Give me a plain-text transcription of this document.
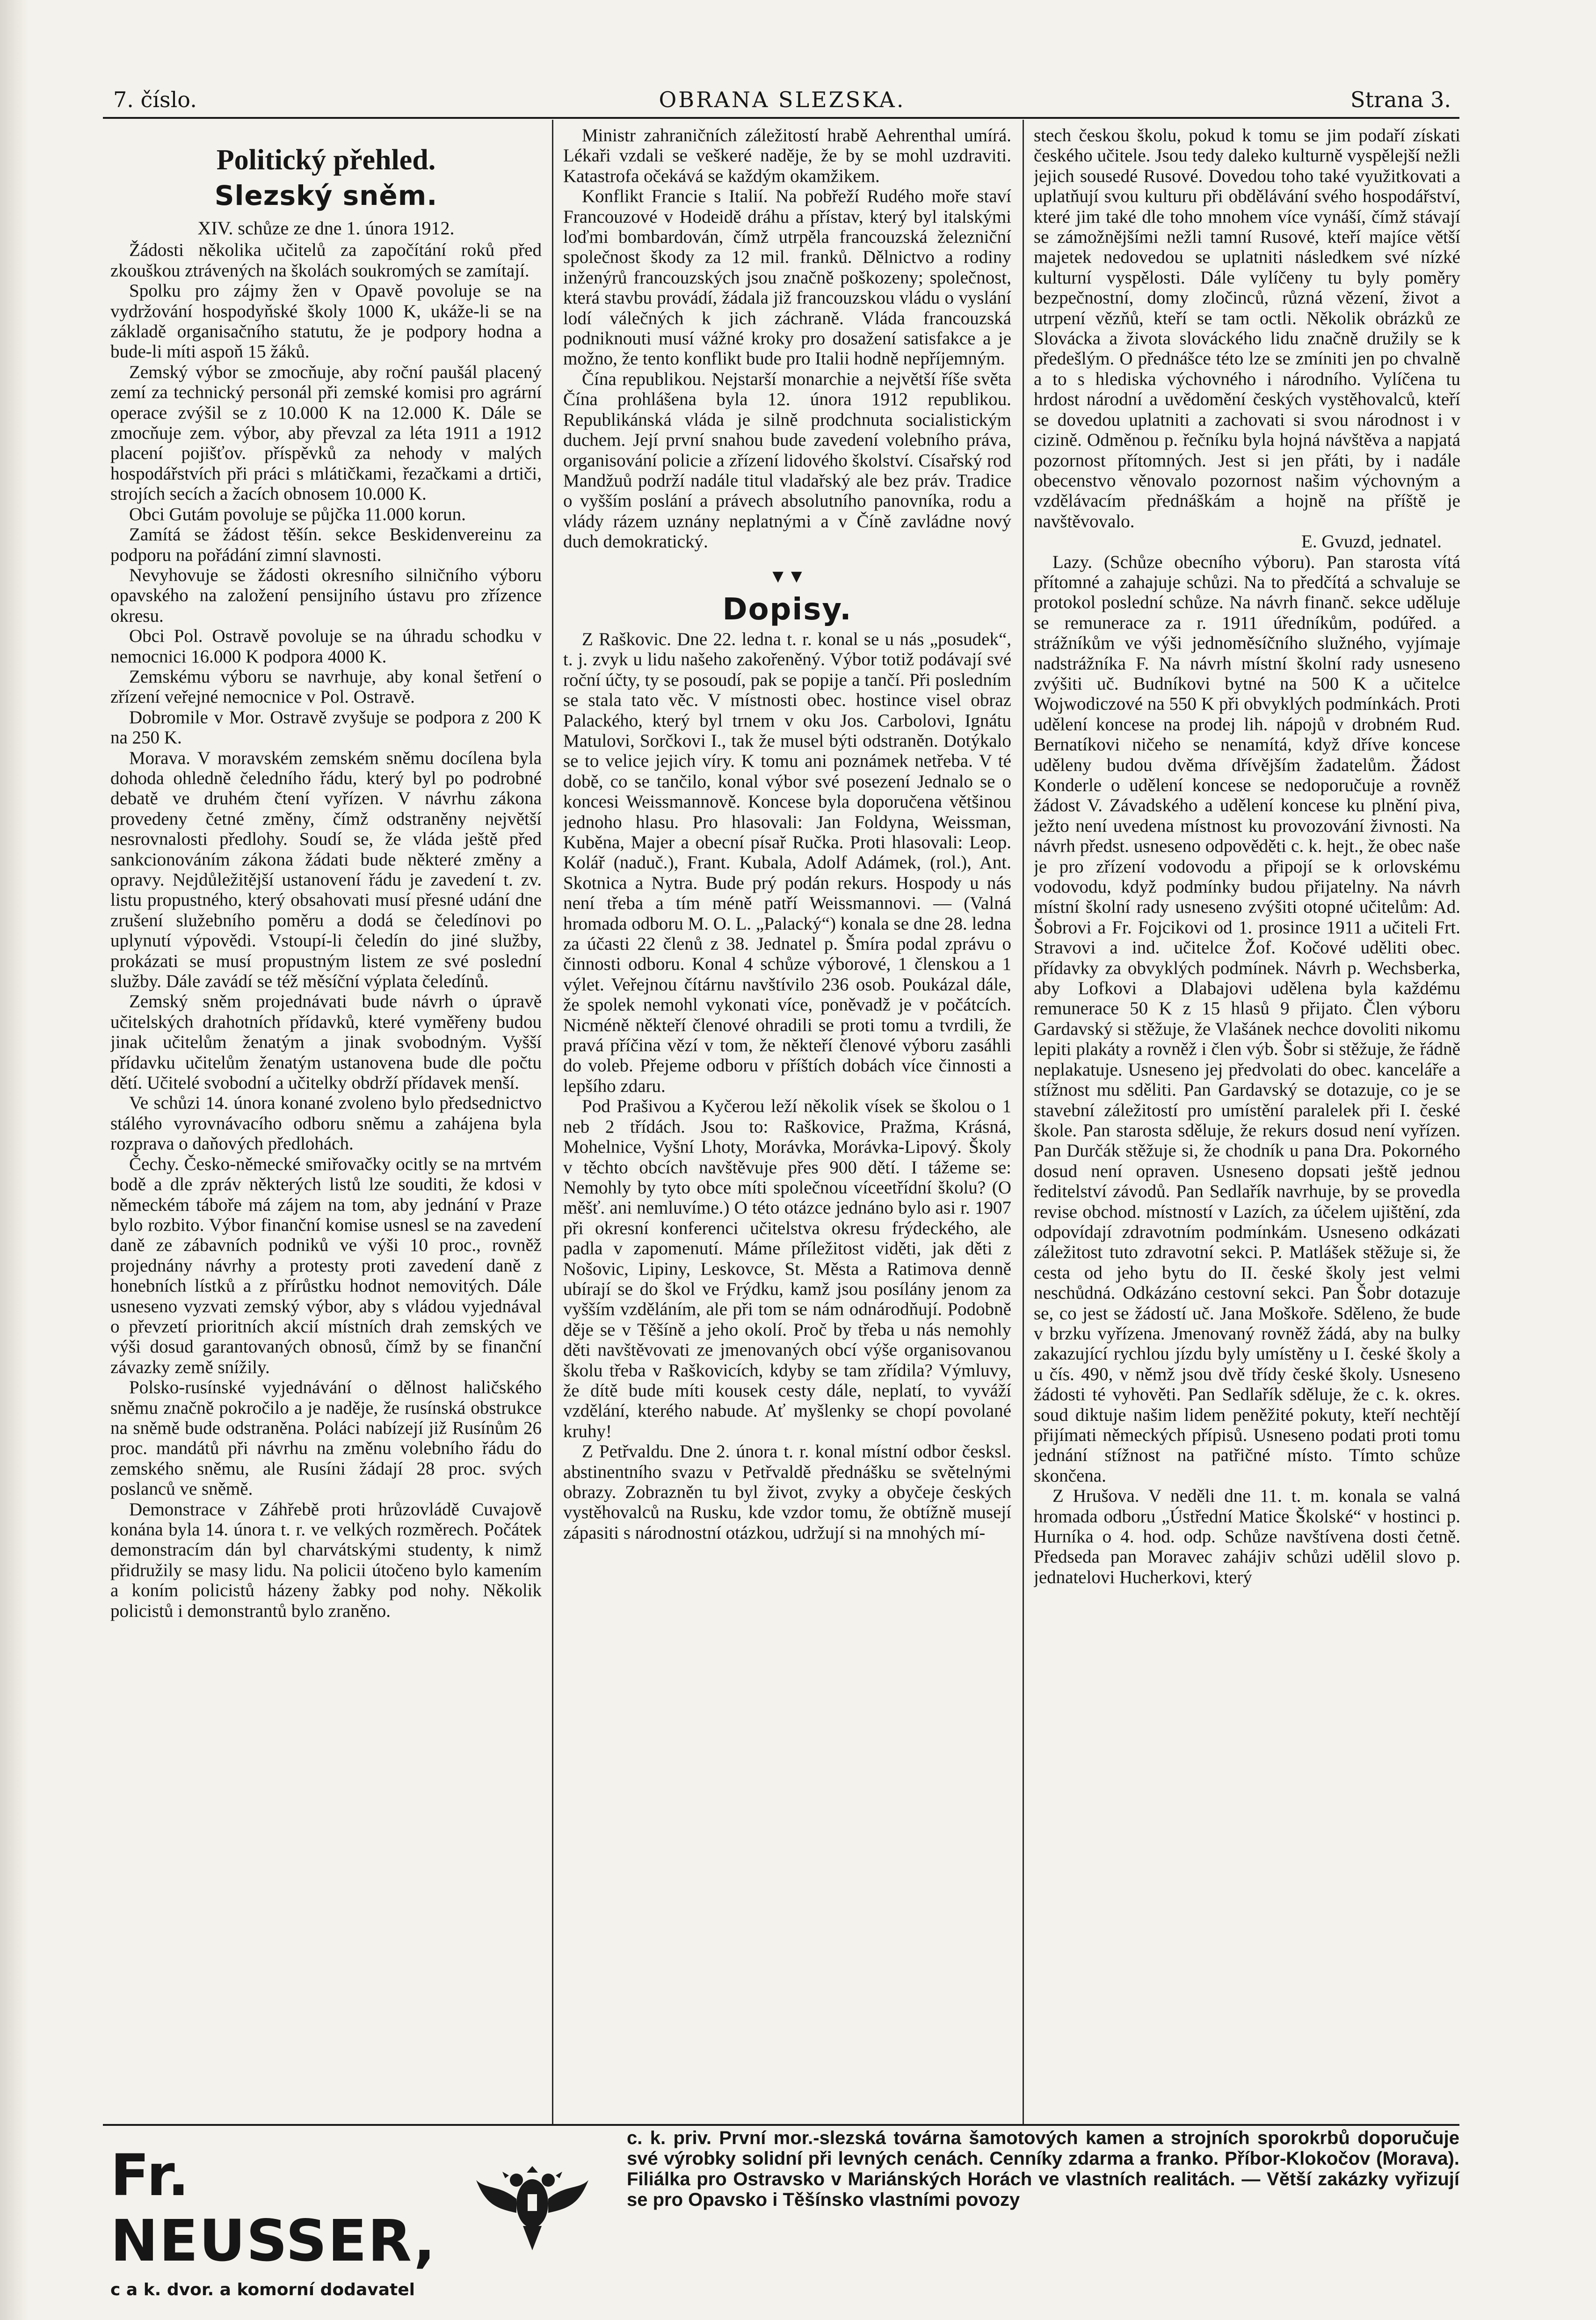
7. číslo.	OBRANA SLEZSKA.	Strana 3.
Politický přehled.
Slezský sněm.
XIV. schůze ze dne 1. února 1912.

Žádosti několika učitelů za započítání roků před zkouškou ztrávených na školách soukromých se zamítají.

Spolku pro zájmy žen v Opavě povoluje se na vydržování hospodyňské školy 1000 K, ukáže-li se na základě organisačního statutu, že je podpory hodna a bude-li míti aspoň 15 žáků.

Zemský výbor se zmocňuje, aby roční paušál placený zemí za technický personál při zemské komisi pro agrární operace zvýšil se z 10.000 K na 12.000 K. Dále se zmocňuje zem. výbor, aby převzal za léta 1911 a 1912 placení pojišťov. příspěvků za nehody v malých hospodářstvích při práci s mlátičkami, řezačkami a drtiči, strojích secích a žacích obnosem 10.000 K.

Obci Gutám povoluje se půjčka 11.000 korun.

Zamítá se žádost těšín. sekce Beskidenvereinu za podporu na pořádání zimní slavnosti.

Nevyhovuje se žádosti okresního silničního výboru opavského na založení pensijního ústavu pro zřízence okresu.

Obci Pol. Ostravě povoluje se na úhradu schodku v nemocnici 16.000 K podpora 4000 K.

Zemskému výboru se navrhuje, aby konal šetření o zřízení veřejné nemocnice v Pol. Ostravě.

Dobromile v Mor. Ostravě zvyšuje se podpora z 200 K na 250 K.

Morava. V moravském zemském sněmu docílena byla dohoda ohledně čeledního řádu, který byl po podrobné debatě ve druhém čtení vyřízen. V návrhu zákona provedeny četné změny, čímž odstraněny největší nesrovnalosti předlohy. Soudí se, že vláda ještě před sankcionováním zákona žádati bude některé změny a opravy. Nejdůležitější ustanovení řádu je zavedení t. zv. listu propustného, který obsahovati musí přesné udání dne zrušení služebního poměru a dodá se čeledínovi po uplynutí výpovědi. Vstoupí-li čeledín do jiné služby, prokázati se musí propustným listem ze své poslední služby. Dále zavádí se též měsíční výplata čeledínů.

Zemský sněm projednávati bude návrh o úpravě učitelských drahotních přídavků, které vyměřeny budou jinak učitelům ženatým a jinak svobodným. Vyšší přídavku učitelům ženatým ustanovena bude dle počtu dětí. Učitelé svobodní a učitelky obdrží přídavek menší.

Ve schůzi 14. února konané zvoleno bylo předsednictvo stálého vyrovnávacího odboru sněmu a zahájena byla rozprava o daňových předlohách.

Čechy. Česko-německé smiřovačky ocitly se na mrtvém bodě a dle zpráv některých listů lze souditi, že kdosi v německém táboře má zájem na tom, aby jednání v Praze bylo rozbito. Výbor finanční komise usnesl se na zavedení daně ze zábavních podniků ve výši 10 proc., rovněž projednány návrhy a protesty proti zavedení daně z honebních lístků a z přírůstku hodnot nemovitých. Dále usneseno vyzvati zemský výbor, aby s vládou vyjednával o převzetí prioritních akcií místních drah zemských ve výši dosud garantovaných obnosů, čímž by se finanční závazky země snížily.

Polsko-rusínské vyjednávání o dělnost haličského sněmu značně pokročilo a je naděje, že rusínská obstrukce na sněmě bude odstraněna. Poláci nabízejí již Rusínům 26 proc. mandátů při návrhu na změnu volebního řádu do zemského sněmu, ale Rusíni žádají 28 proc. svých poslanců ve sněmě.

Demonstrace v Záhřebě proti hrůzovládě Cuvajově konána byla 14. února t. r. ve velkých rozměrech. Počátek demonstracím dán byl charvátskými studenty, k nimž přidružily se masy lidu. Na policii útočeno bylo kamením a koním policistů házeny žabky pod nohy. Několik policistů i demonstrantů bylo zraněno.

Ministr zahraničních záležitostí hrabě Aehrenthal umírá. Lékaři vzdali se veškeré naděje, že by se mohl uzdraviti. Katastrofa očekává se každým okamžikem.

Konflikt Francie s Italií. Na pobřeží Rudého moře staví Francouzové v Hodeidě dráhu a přístav, který byl italskými loďmi bombardován, čímž utrpěla francouzská železniční společnost škody za 12 mil. franků. Dělnictvo a rodiny inženýrů francouzských jsou značně poškozeny; společnost, která stavbu provádí, žádala již francouzskou vládu o vyslání lodí válečných k jich záchraně. Vláda francouzská podniknouti musí vážné kroky pro dosažení satisfakce a je možno, že tento konflikt bude pro Italii hodně nepříjemným.

Čína republikou. Nejstarší monarchie a největší říše světa Čína prohlášena byla 12. února 1912 republikou. Republikánská vláda je silně prodchnuta socialistickým duchem. Její první snahou bude zavedení volebního práva, organisování policie a zřízení lidového školství. Císařský rod Mandžuů podrží nadále titul vladařský ale bez práv. Tradice o vyšším poslání a právech absolutního panovníka, rodu a vlády rázem uznány neplatnými a v Číně zavládne nový duch demokratický.

▼▼
Dopisy.

Z Raškovic. Dne 22. ledna t. r. konal se u nás „posudek“, t. j. zvyk u lidu našeho zakořeněný. Výbor totiž podávají své roční účty, ty se posoudí, pak se popije a tančí. Při posledním se stala tato věc. V místnosti obec. hostince visel obraz Palackého, který byl trnem v oku Jos. Carbolovi, Ignátu Matulovi, Sorčkovi I., tak že musel býti odstraněn. Dotýkalo se to velice jejich víry. K tomu ani poznámek netřeba. V té době, co se tančilo, konal výbor své posezení Jednalo se o koncesi Weissmannově. Koncese byla doporučena většinou jednoho hlasu. Pro hlasovali: Jan Foldyna, Weissman, Kuběna, Majer a obecní písař Ručka. Proti hlasovali: Leop. Kolář (naduč.), Frant. Kubala, Adolf Adámek, (rol.), Ant. Skotnica a Nytra. Bude prý podán rekurs. Hospody u nás není třeba a tím méně patří Weissmannovi. — (Valná hromada odboru M. O. L. „Palacký“) konala se dne 28. ledna za účasti 22 členů z 38. Jednatel p. Šmíra podal zprávu o činnosti odboru. Konal 4 schůze výborové, 1 členskou a 1 výlet. Veřejnou čítárnu navštívilo 236 osob. Poukázal dále, že spolek nemohl vykonati více, poněvadž je v počátcích. Nicméně někteří členové ohradili se proti tomu a tvrdili, že pravá příčina vězí v tom, že někteří členové výboru zasáhli do voleb. Přejeme odboru v příštích dobách více činnosti a lepšího zdaru.

Pod Prašivou a Kyčerou leží několik vísek se školou o 1 neb 2 třídách. Jsou to: Raškovice, Pražma, Krásná, Mohelnice, Vyšní Lhoty, Morávka, Morávka-Lipový. Školy v těchto obcích navštěvuje přes 900 dětí. I tážeme se: Nemohly by tyto obce míti společnou víceetřídní školu? (O měšť. ani nemluvíme.) O této otázce jednáno bylo asi r. 1907 při okresní konferenci učitelstva okresu frýdeckého, ale padla v zapomenutí. Máme příležitost viděti, jak děti z Nošovic, Lipiny, Leskovce, St. Města a Ratimova denně ubírají se do škol ve Frýdku, kamž jsou posílány jenom za vyšším vzděláním, ale při tom se nám odnárodňují. Podobně děje se v Těšíně a jeho okolí. Proč by třeba u nás nemohly děti navštěvovati ze jmenovaných obcí výše organisovanou školu třeba v Raškovicích, kdyby se tam zřídila? Výmluvy, že dítě bude míti kousek cesty dále, neplatí, to vyváží vzdělání, kterého nabude. Ať myšlenky se chopí povolané kruhy!

Z Petřvaldu. Dne 2. února t. r. konal místní odbor česksl. abstinentního svazu v Petřvaldě přednášku se světelnými obrazy. Zobrazněn tu byl život, zvyky a obyčeje českých vystěhovalců na Rusku, kde vzdor tomu, že obtížně musejí zápasiti s národnostní otázkou, udržují si na mnohých mí-

stech českou školu, pokud k tomu se jim podaří získati českého učitele. Jsou tedy daleko kulturně vyspělejší nežli jejich sousedé Rusové. Dovedou toho také využitkovati a uplatňují svou kulturu při obdělávání svého hospodářství, které jim také dle toho mnohem více vynáší, čímž stávají se zámožnějšími nežli tamní Rusové, kteří majíce větší majetek nedovedou se uplatniti následkem své nízké kulturní vyspělosti. Dále vylíčeny tu byly poměry bezpečnostní, domy zločinců, různá vězení, život a utrpení vězňů, kteří se tam octli. Několik obrázků ze Slovácka a života slováckého lidu značně družily se k předešlým. O přednášce této lze se zmíniti jen po chvalně a to s hlediska výchovného i národního. Vylíčena tu hrdost národní a uvědomění českých vystěhovalců, kteří se dovedou uplatniti a zachovati si svou národnost i v cizině. Odměnou p. řečníku byla hojná návštěva a napjatá pozornost přítomných. Jest si jen přáti, by i nadále obecenstvo věnovalo pozornost našim výchovným a vzdělávacím přednáškám a hojně na příště je navštěvovalo.

E. Gvuzd, jednatel.

Lazy. (Schůze obecního výboru). Pan starosta vítá přítomné a zahajuje schůzi. Na to předčítá a schvaluje se protokol poslední schůze. Na návrh finanč. sekce uděluje se remunerace za r. 1911 úředníkům, podúřed. a strážníkům ve výši jednoměsíčního služného, vyjímaje nadstrážníka F. Na návrh místní školní rady usneseno zvýšiti uč. Budníkovi bytné na 500 K a učitelce Wojwodiczové na 550 K při obvyklých podmínkách. Proti udělení koncese na prodej lih. nápojů v drobném Rud. Bernatíkovi ničeho se nenamítá, když dříve koncese uděleny budou dvěma dřívějším žadatelům. Žádost Konderle o udělení koncese se nedoporučuje a rovněž žádost V. Závadského a udělení koncese ku plnění piva, ježto není uvedena místnost ku provozování živnosti. Na návrh předst. usneseno odpověděti c. k. hejt., že obec naše je pro zřízení vodovodu a připojí se k orlovskému vodovodu, když podmínky budou přijatelny. Na návrh místní školní rady usneseno zvýšiti otopné učitelům: Ad. Šobrovi a Fr. Fojcikovi od 1. prosince 1911 a učiteli Frt. Stravovi a ind. učitelce Žof. Kočové uděliti obec. přídavky za obvyklých podmínek. Návrh p. Wechsberka, aby Lofkovi a Dlabajovi udělena byla každému remunerace 50 K z 15 hlasů 9 přijato. Člen výboru Gardavský si stěžuje, že Vlašánek nechce dovoliti nikomu lepiti plakáty a rovněž i člen výb. Šobr si stěžuje, že řádně neplakatuje. Usneseno jej předvolati do obec. kanceláře a stížnost mu sděliti. Pan Gardavský se dotazuje, co je se stavební záležitostí pro umístění paralelek při I. české škole. Pan starosta sděluje, že rekurs dosud není vyřízen. Pan Durčák stěžuje si, že chodník u pana Dra. Pokorného dosud není opraven. Usneseno dopsati ještě jednou ředitelství závodů. Pan Sedlařík navrhuje, by se provedla revise obchod. místností v Lazích, za účelem ujištění, zda odpovídají zdravotním podmínkám. Usneseno odkázati záležitost tuto zdravotní sekci. P. Matlášek stěžuje si, že cesta od jeho bytu do II. české školy jest velmi neschůdná. Odkázáno cestovní sekci. Pan Šobr dotazuje se, co jest se žádostí uč. Jana Moškoře. Sděleno, že bude v brzku vyřízena. Jmenovaný rovněž žádá, aby na bulky zakazující rychlou jízdu byly umístěny u I. české školy a u čís. 490, v němž jsou dvě třídy české školy. Usneseno žádosti té vyhověti. Pan Sedlařík sděluje, že c. k. okres. soud diktuje našim lidem peněžité pokuty, kteří nechtějí přijímati německých přípisů. Usneseno podati proti tomu jednání stížnost na patřičné místo. Tímto schůze skončena.

Z Hrušova. V neděli dne 11. t. m. konala se valná hromada odboru „Ústřední Matice Školské“ v hostinci p. Hurníka o 4. hod. odp. Schůze navštívena dosti četně. Předseda pan Moravec zahájiv schůzi udělil slovo p. jednatelovi Hucherkovi, který

Fr. NEUSSER,
c a k. dvor. a komorní dodavatel
c. k. priv. První mor.-slezská továrna šamotových kamen a strojních sporokrbů doporučuje své výrobky solidní při levných cenách. Cenníky zdarma a franko. Příbor-Klokočov (Morava). Filiálka pro Ostravsko v Mariánských Horách ve vlastních realitách. — Větší zakázky vyřizují se pro Opavsko i Těšínsko vlastními povozy
